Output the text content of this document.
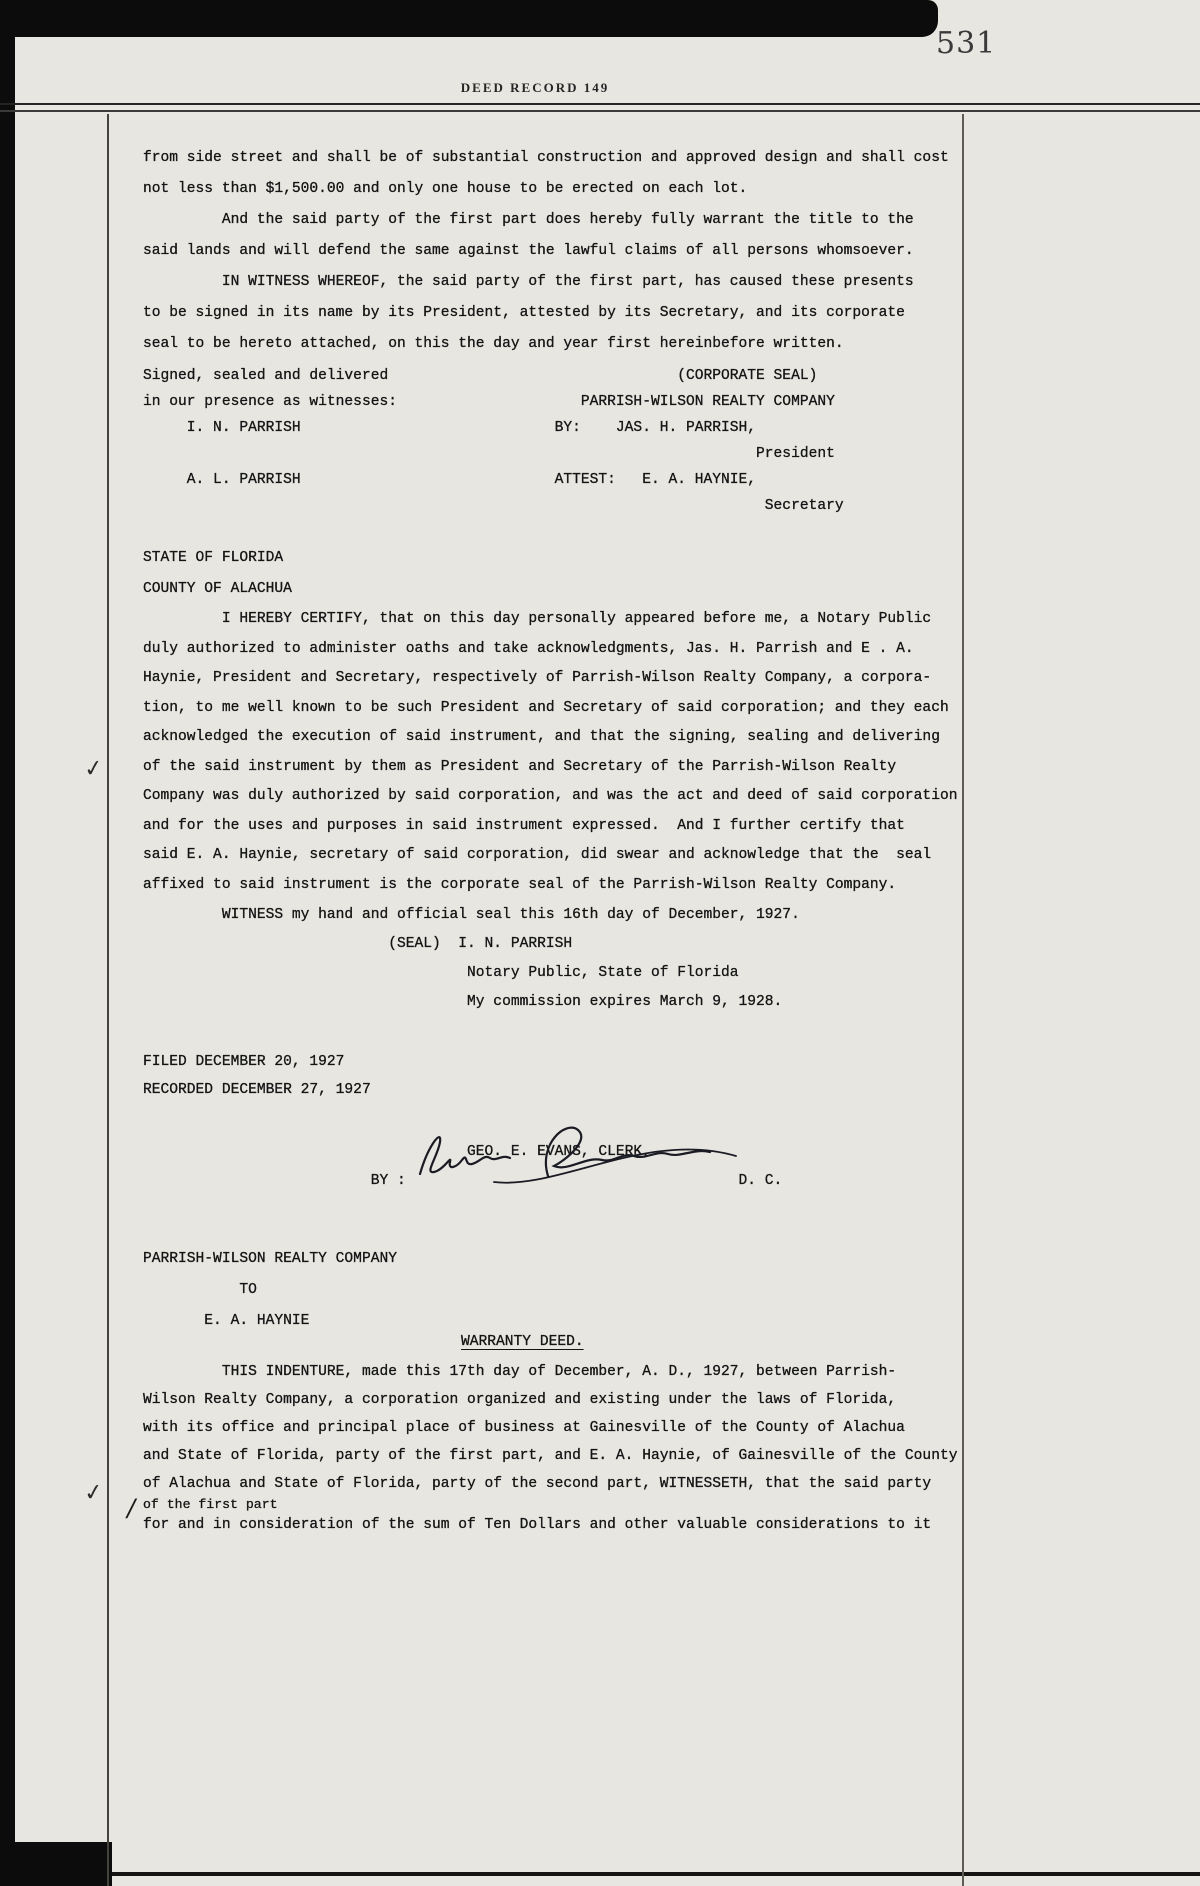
531
DEED RECORD 149
from side street and shall be of substantial construction and approved design and shall cost
not less than $1,500.00 and only one house to be erected on each lot.
And the said party of the first part does hereby fully warrant the title to the
said lands and will defend the same against the lawful claims of all persons whomsoever.
IN WITNESS WHEREOF, the said party of the first part, has caused these presents
to be signed in its name by its President, attested by its Secretary, and its corporate
seal to be hereto attached, on this the day and year first hereinbefore written.
Signed, sealed and delivered                                 (CORPORATE SEAL)
in our presence as witnesses:                     PARRISH-WILSON REALTY COMPANY
I. N. PARRISH                             BY:    JAS. H. PARRISH,
President
A. L. PARRISH                             ATTEST:   E. A. HAYNIE,
Secretary
STATE OF FLORIDA
COUNTY OF ALACHUA
I HEREBY CERTIFY, that on this day personally appeared before me, a Notary Public
duly authorized to administer oaths and take acknowledgments, Jas. H. Parrish and E . A.
Haynie, President and Secretary, respectively of Parrish-Wilson Realty Company, a corpora-
tion, to me well known to be such President and Secretary of said corporation; and they each
acknowledged the execution of said instrument, and that the signing, sealing and delivering
of the said instrument by them as President and Secretary of the Parrish-Wilson Realty
Company was duly authorized by said corporation, and was the act and deed of said corporation
and for the uses and purposes in said instrument expressed.  And I further certify that
said E. A. Haynie, secretary of said corporation, did swear and acknowledge that the  seal
affixed to said instrument is the corporate seal of the Parrish-Wilson Realty Company.
WITNESS my hand and official seal this 16th day of December, 1927.
(SEAL)  I. N. PARRISH
Notary Public, State of Florida
My commission expires March 9, 1928.
FILED DECEMBER 20, 1927
RECORDED DECEMBER 27, 1927
GEO. E. EVANS, CLERK,
BY :                                      D. C.
PARRISH-WILSON REALTY COMPANY
TO
E. A. HAYNIE
WARRANTY DEED.
THIS INDENTURE, made this 17th day of December, A. D., 1927, between Parrish-
Wilson Realty Company, a corporation organized and existing under the laws of Florida,
with its office and principal place of business at Gainesville of the County of Alachua
and State of Florida, party of the first part, and E. A. Haynie, of Gainesville of the County
of Alachua and State of Florida, party of the second part, WITNESSETH, that the said party
of the first part
for and in consideration of the sum of Ten Dollars and other valuable considerations to it
✓
✓
/
